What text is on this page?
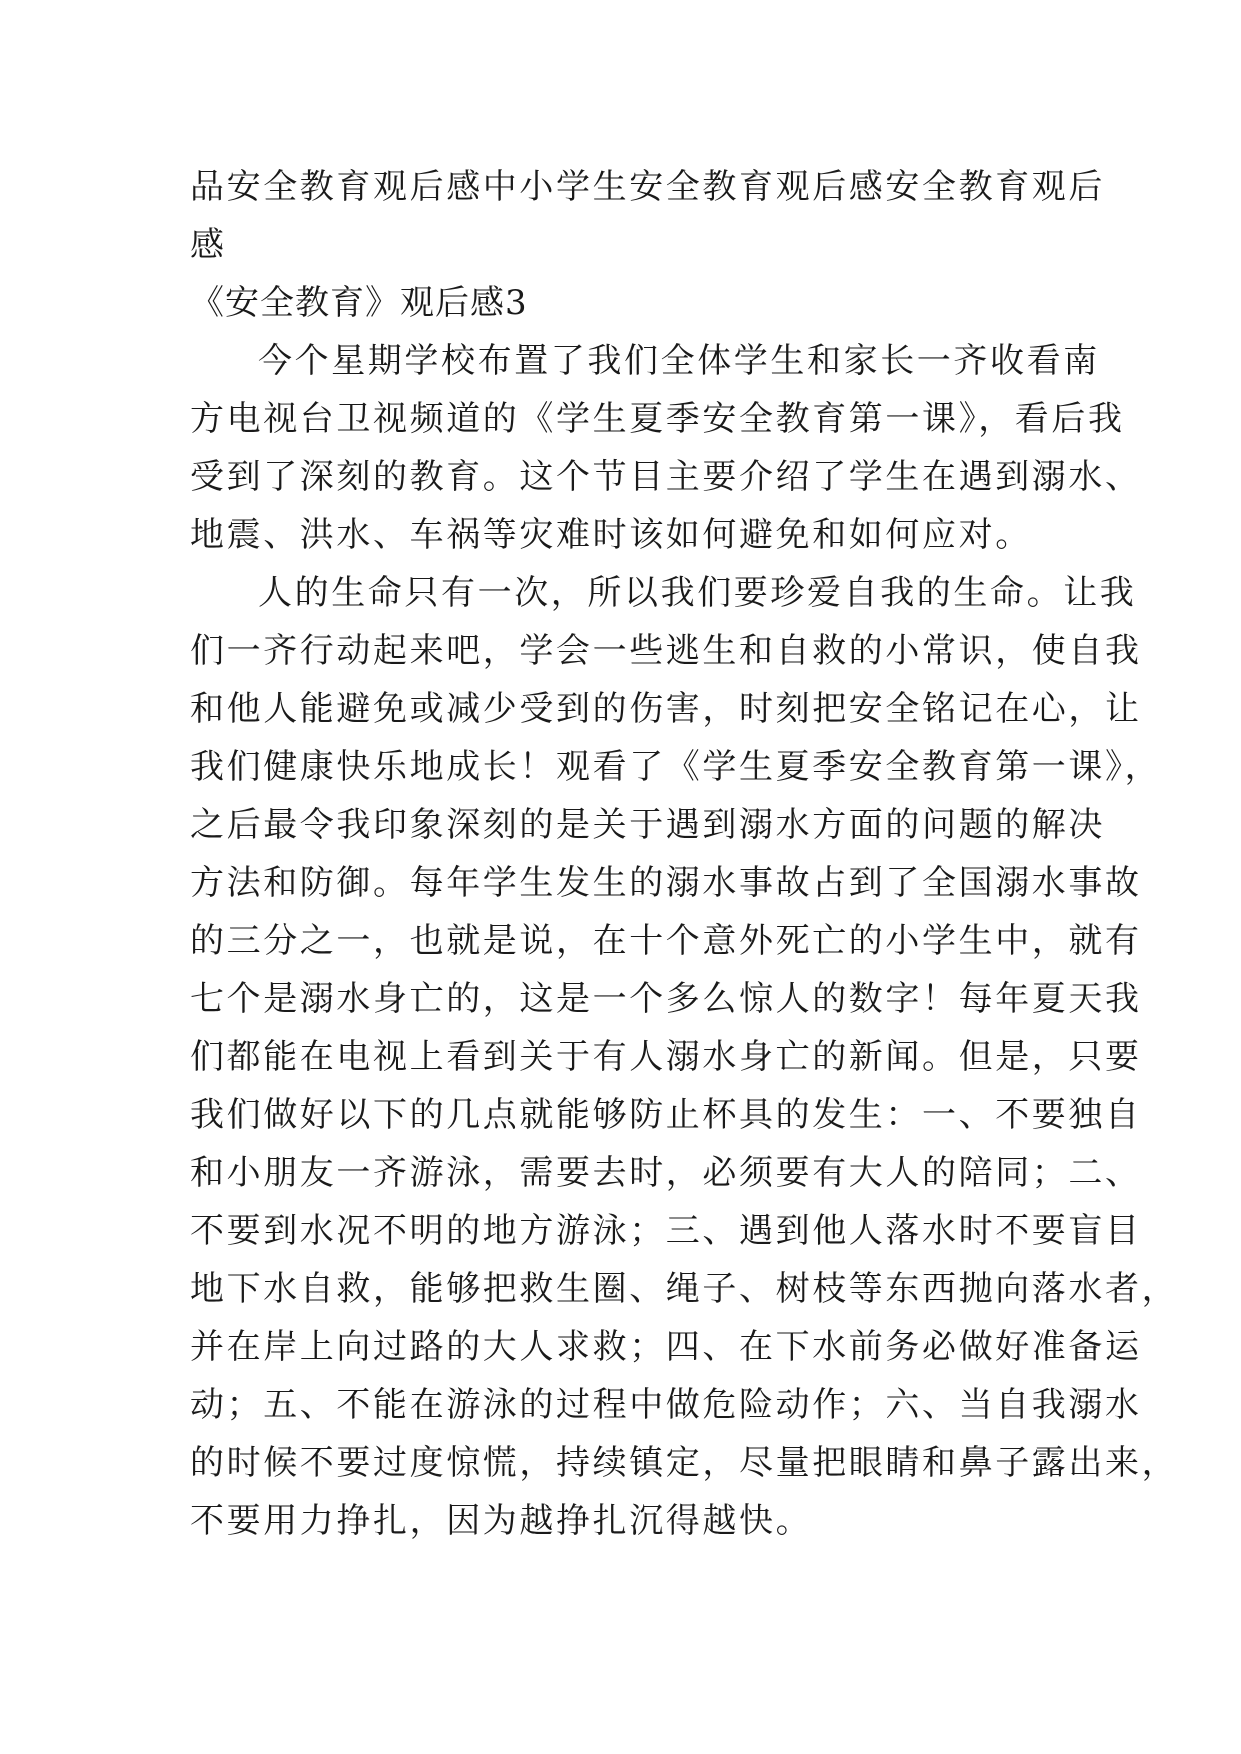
品安全教育观后感中小学生安全教育观后感安全教育观后
感
《安全教育》观后感3
今个星期学校布置了我们全体学生和家长一齐收看南
方电视台卫视频道的《学生夏季安全教育第一课》，看后我
受到了深刻的教育。这个节目主要介绍了学生在遇到溺水、
地震、洪水、车祸等灾难时该如何避免和如何应对。
人的生命只有一次，所以我们要珍爱自我的生命。让我
们一齐行动起来吧，学会一些逃生和自救的小常识，使自我
和他人能避免或减少受到的伤害，时刻把安全铭记在心，让
我们健康快乐地成长！观看了《学生夏季安全教育第一课》，
之后最令我印象深刻的是关于遇到溺水方面的问题的解决
方法和防御。每年学生发生的溺水事故占到了全国溺水事故
的三分之一，也就是说，在十个意外死亡的小学生中，就有
七个是溺水身亡的，这是一个多么惊人的数字！每年夏天我
们都能在电视上看到关于有人溺水身亡的新闻。但是，只要
我们做好以下的几点就能够防止杯具的发生：一、不要独自
和小朋友一齐游泳，需要去时，必须要有大人的陪同；二、
不要到水况不明的地方游泳；三、遇到他人落水时不要盲目
地下水自救，能够把救生圈、绳子、树枝等东西抛向落水者，
并在岸上向过路的大人求救；四、在下水前务必做好准备运
动；五、不能在游泳的过程中做危险动作；六、当自我溺水
的时候不要过度惊慌，持续镇定，尽量把眼睛和鼻子露出来，
不要用力挣扎，因为越挣扎沉得越快。
